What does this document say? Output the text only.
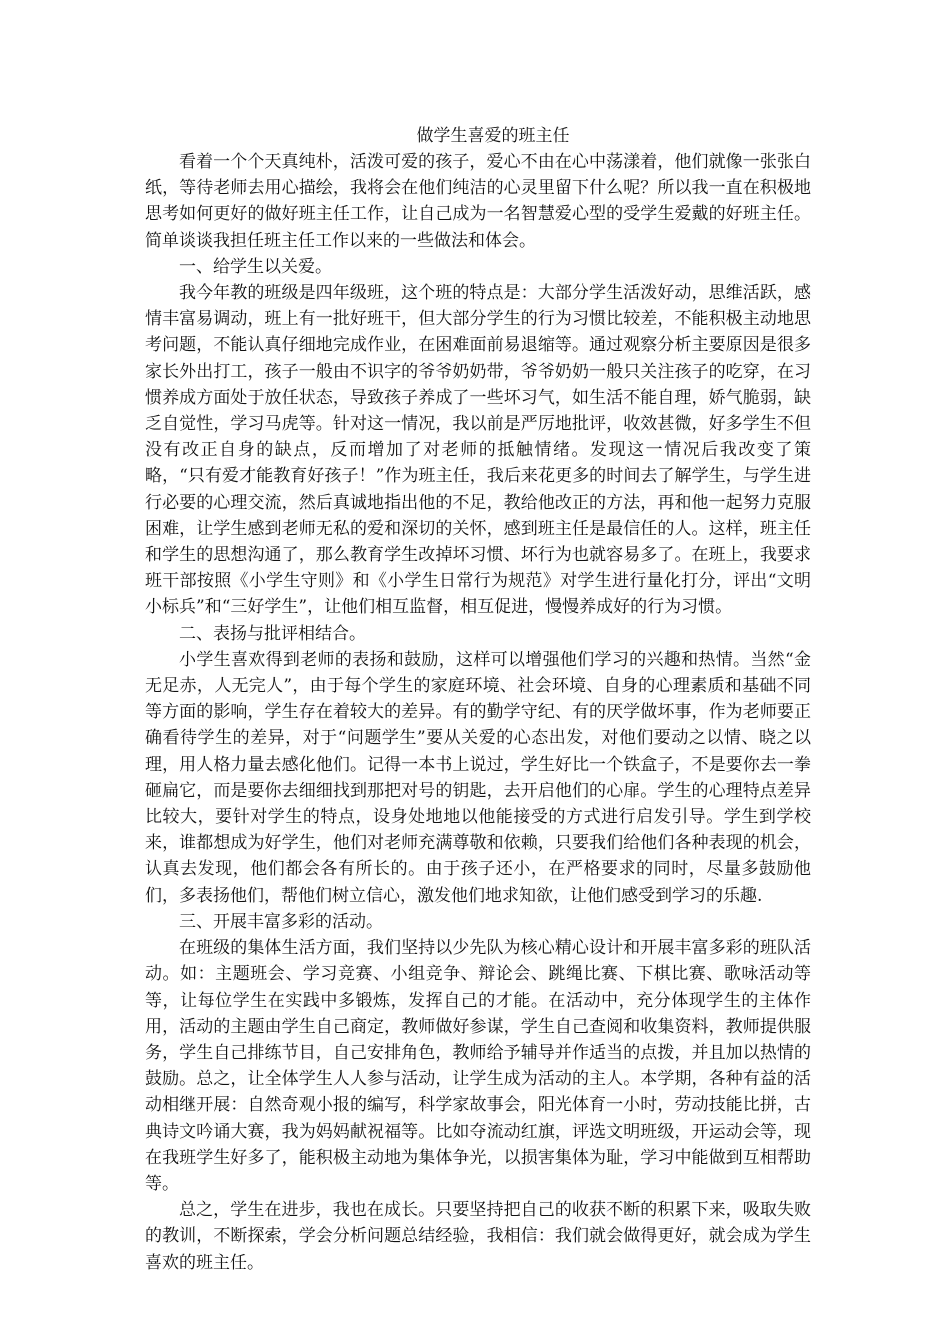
做学生喜爱的班主任

看着一个个天真纯朴，活泼可爱的孩子，爱心不由在心中荡漾着，他们就像一张张白纸，等待老师去用心描绘，我将会在他们纯洁的心灵里留下什么呢？所以我一直在积极地思考如何更好的做好班主任工作，让自己成为一名智慧爱心型的受学生爱戴的好班主任。简单谈谈我担任班主任工作以来的一些做法和体会。

一、给学生以关爱。

我今年教的班级是四年级班，这个班的特点是：大部分学生活泼好动，思维活跃，感情丰富易调动，班上有一批好班干，但大部分学生的行为习惯比较差，不能积极主动地思考问题，不能认真仔细地完成作业，在困难面前易退缩等。通过观察分析主要原因是很多家长外出打工，孩子一般由不识字的爷爷奶奶带，爷爷奶奶一般只关注孩子的吃穿，在习惯养成方面处于放任状态，导致孩子养成了一些坏习气，如生活不能自理，娇气脆弱，缺乏自觉性，学习马虎等。针对这一情况，我以前是严厉地批评，收效甚微，好多学生不但没有改正自身的缺点，反而增加了对老师的抵触情绪。发现这一情况后我改变了策略，“只有爱才能教育好孩子！”作为班主任，我后来花更多的时间去了解学生，与学生进行必要的心理交流，然后真诚地指出他的不足，教给他改正的方法，再和他一起努力克服困难，让学生感到老师无私的爱和深切的关怀，感到班主任是最信任的人。这样，班主任和学生的思想沟通了，那么教育学生改掉坏习惯、坏行为也就容易多了。在班上，我要求班干部按照《小学生守则》和《小学生日常行为规范》对学生进行量化打分，评出“文明小标兵”和“三好学生”，让他们相互监督，相互促进，慢慢养成好的行为习惯。

二、表扬与批评相结合。

小学生喜欢得到老师的表扬和鼓励，这样可以增强他们学习的兴趣和热情。当然“金无足赤，人无完人”，由于每个学生的家庭环境、社会环境、自身的心理素质和基础不同等方面的影响，学生存在着较大的差异。有的勤学守纪、有的厌学做坏事，作为老师要正确看待学生的差异，对于“问题学生”要从关爱的心态出发，对他们要动之以情、晓之以理，用人格力量去感化他们。记得一本书上说过，学生好比一个铁盒子，不是要你去一拳砸扁它，而是要你去细细找到那把对号的钥匙，去开启他们的心扉。学生的心理特点差异比较大，要针对学生的特点，设身处地地以他能接受的方式进行启发引导。学生到学校来，谁都想成为好学生，他们对老师充满尊敬和依赖，只要我们给他们各种表现的机会，认真去发现，他们都会各有所长的。由于孩子还小，在严格要求的同时，尽量多鼓励他们，多表扬他们，帮他们树立信心，激发他们地求知欲，让他们感受到学习的乐趣.

三、开展丰富多彩的活动。

在班级的集体生活方面，我们坚持以少先队为核心精心设计和开展丰富多彩的班队活动。如：主题班会、学习竞赛、小组竞争、辩论会、跳绳比赛、下棋比赛、歌咏活动等等，让每位学生在实践中多锻炼，发挥自己的才能。在活动中，充分体现学生的主体作用，活动的主题由学生自己商定，教师做好参谋，学生自己查阅和收集资料，教师提供服务，学生自己排练节目，自己安排角色，教师给予辅导并作适当的点拨，并且加以热情的鼓励。总之，让全体学生人人参与活动，让学生成为活动的主人。本学期，各种有益的活动相继开展：自然奇观小报的编写，科学家故事会，阳光体育一小时，劳动技能比拼，古典诗文吟诵大赛，我为妈妈献祝福等。比如夺流动红旗，评选文明班级，开运动会等，现在我班学生好多了，能积极主动地为集体争光，以损害集体为耻，学习中能做到互相帮助等。

总之，学生在进步，我也在成长。只要坚持把自己的收获不断的积累下来，吸取失败的教训，不断探索，学会分析问题总结经验，我相信：我们就会做得更好，就会成为学生喜欢的班主任。
